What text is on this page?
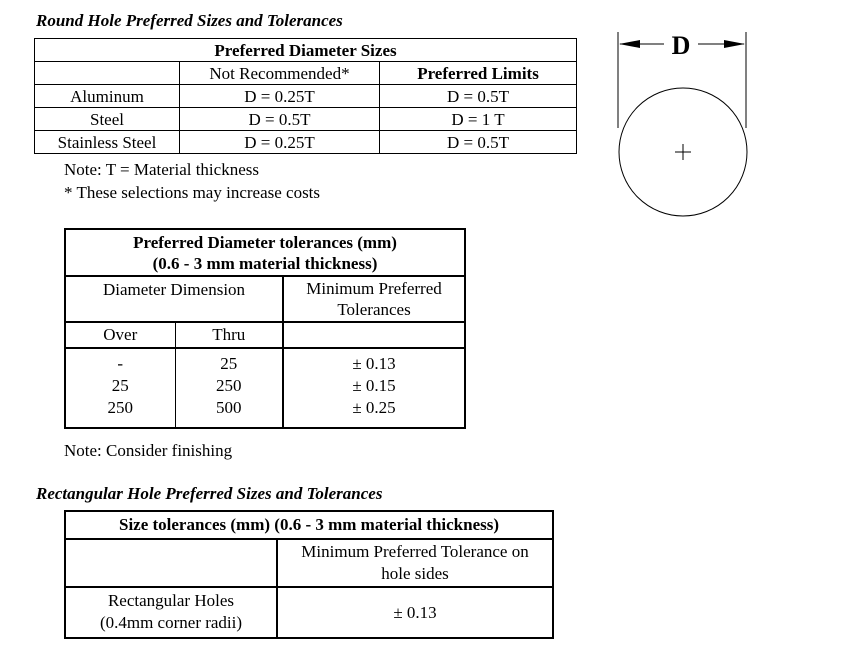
Round Hole Preferred Sizes and Tolerances
Preferred Diameter Sizes		
	Not Recommended*	Preferred Limits
Aluminum	D = 0.25T	D = 0.5T
Steel	D = 0.5T	D = 1 T
Stainless Steel	D = 0.25T	D = 0.5T
Note: T = Material thickness
* These selections may increase costs
D
Preferred Diameter tolerances (mm)
(0.6 - 3 mm material thickness)		

Diameter Dimension		Minimum Preferred
Tolerances

Over	Thru	
-	25	± 0.13
25	250	± 0.15
250	500	± 0.25
Note: Consider finishing
Rectangular Hole Preferred Sizes and Tolerances
Size tolerances (mm) (0.6 - 3 mm material thickness)	

	Minimum Preferred Tolerance on
hole sides

Rectangular Holes
(0.4mm corner radii)	± 0.13
